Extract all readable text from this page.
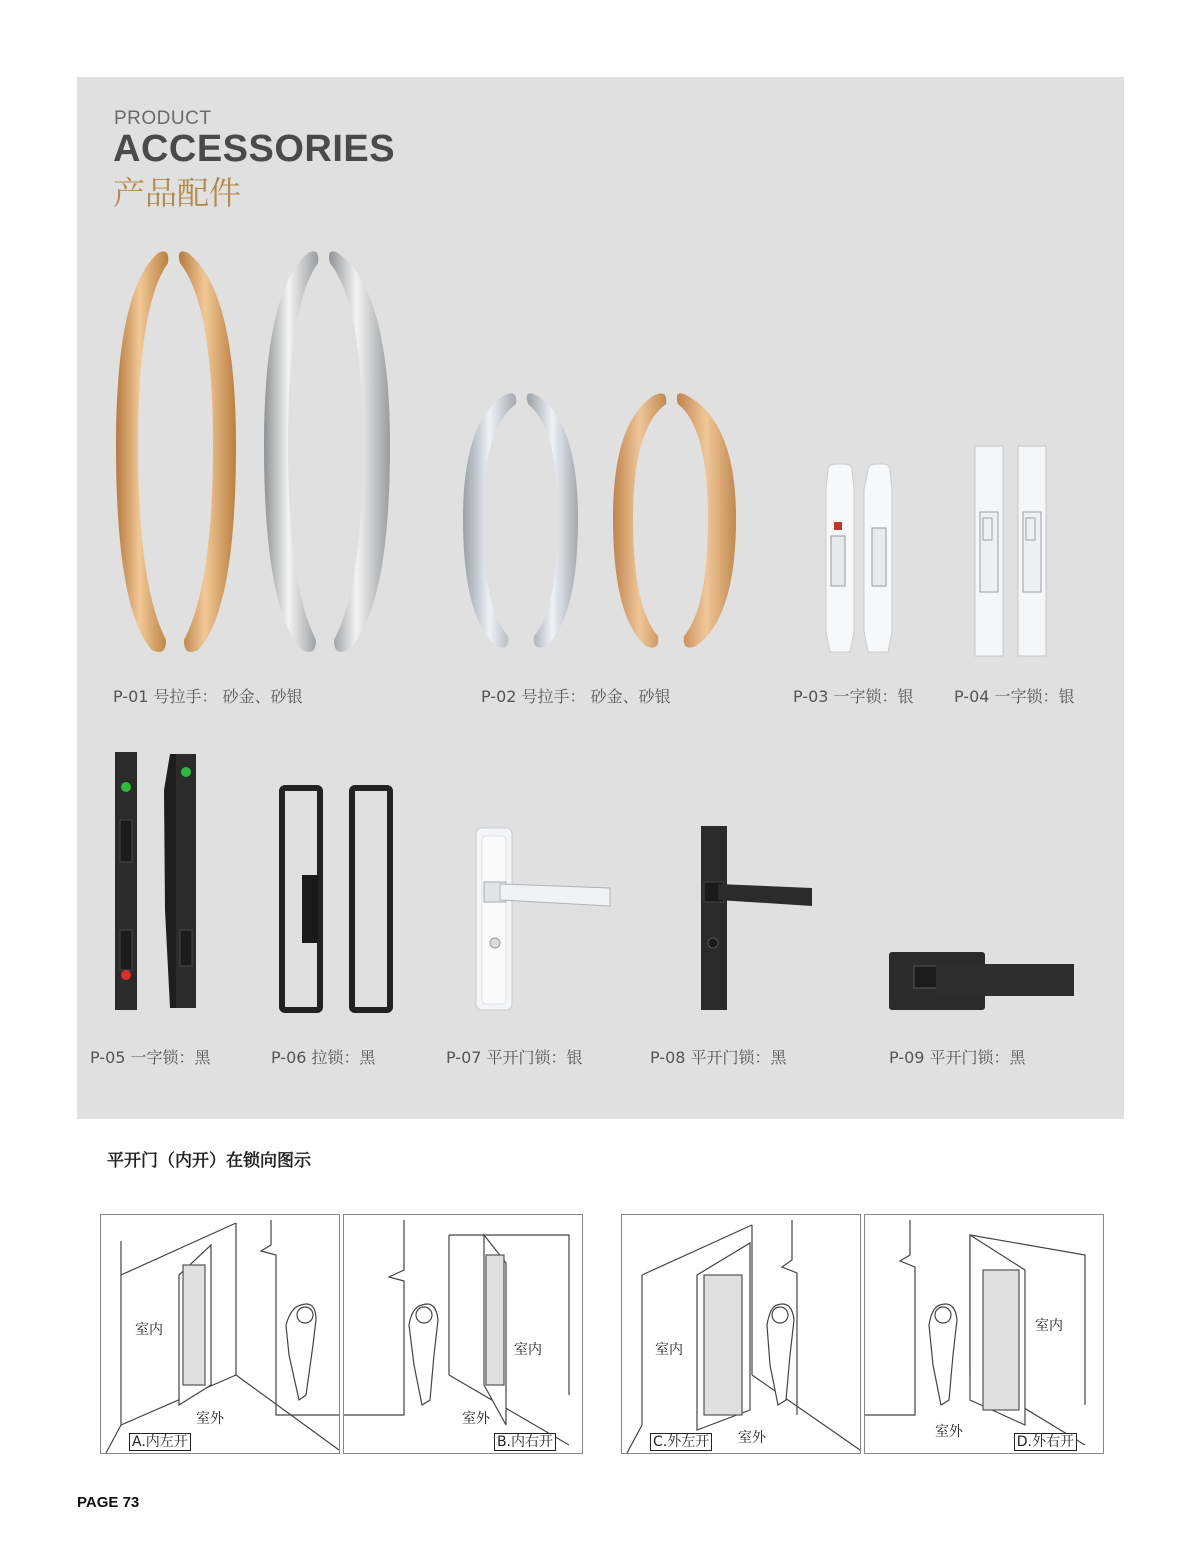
PRODUCT
ACCESSORIES
产品配件
P-01 号拉手： 砂金、砂银	P-02 号拉手： 砂金、砂银	P-03 一字锁：银	P-04 一字锁：银
P-05 一字锁：黑	P-06 拉锁：黑	P-07 平开门锁：银	P-08 平开门锁：黑	P-09 平开门锁：黑
平开门（内开）在锁向图示
室内
室外
A.内左开
室内
室外
B.内右开
室内
室外
C.外左开
室内
室外
D.外右开
PAGE 73
